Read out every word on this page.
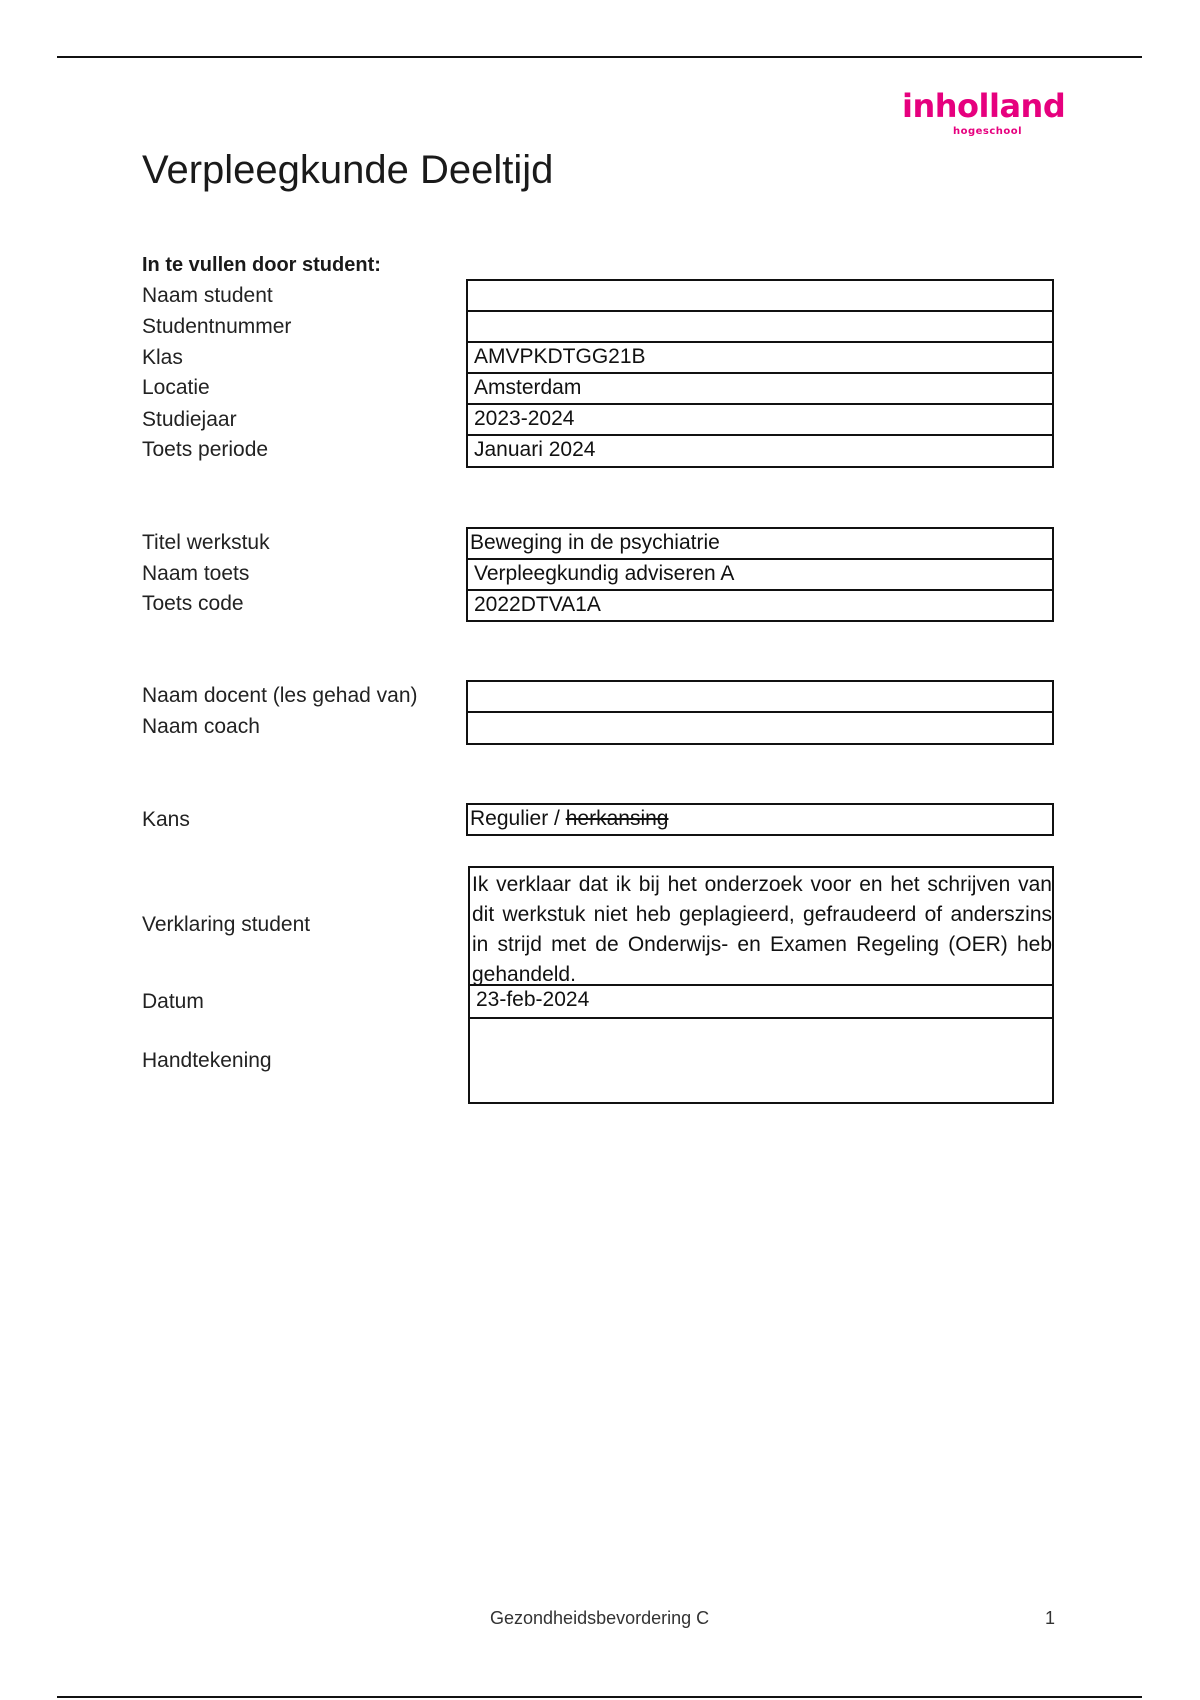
inholland
hogeschool
Verpleegkunde Deeltijd
In te vullen door student:
Naam student
Studentnummer
Klas	AMVPKDTGG21B
Locatie	Amsterdam
Studiejaar	2023-2024
Toets periode	Januari 2024
Titel werkstuk	Beweging in de psychiatrie
Naam toets	Verpleegkundig adviseren A
Toets code	2022DTVA1A
Naam docent (les gehad van)
Naam coach
Kans	Regulier / herkansing
Verklaring student
Ik verklaar dat ik bij het onderzoek voor en het schrijven van dit werkstuk niet heb geplagieerd, gefraudeerd of anderszins in strijd met de Onderwijs- en Examen Regeling (OER) heb gehandeld.
Datum	23-feb-2024
Handtekening
Gezondheidsbevordering C	1
